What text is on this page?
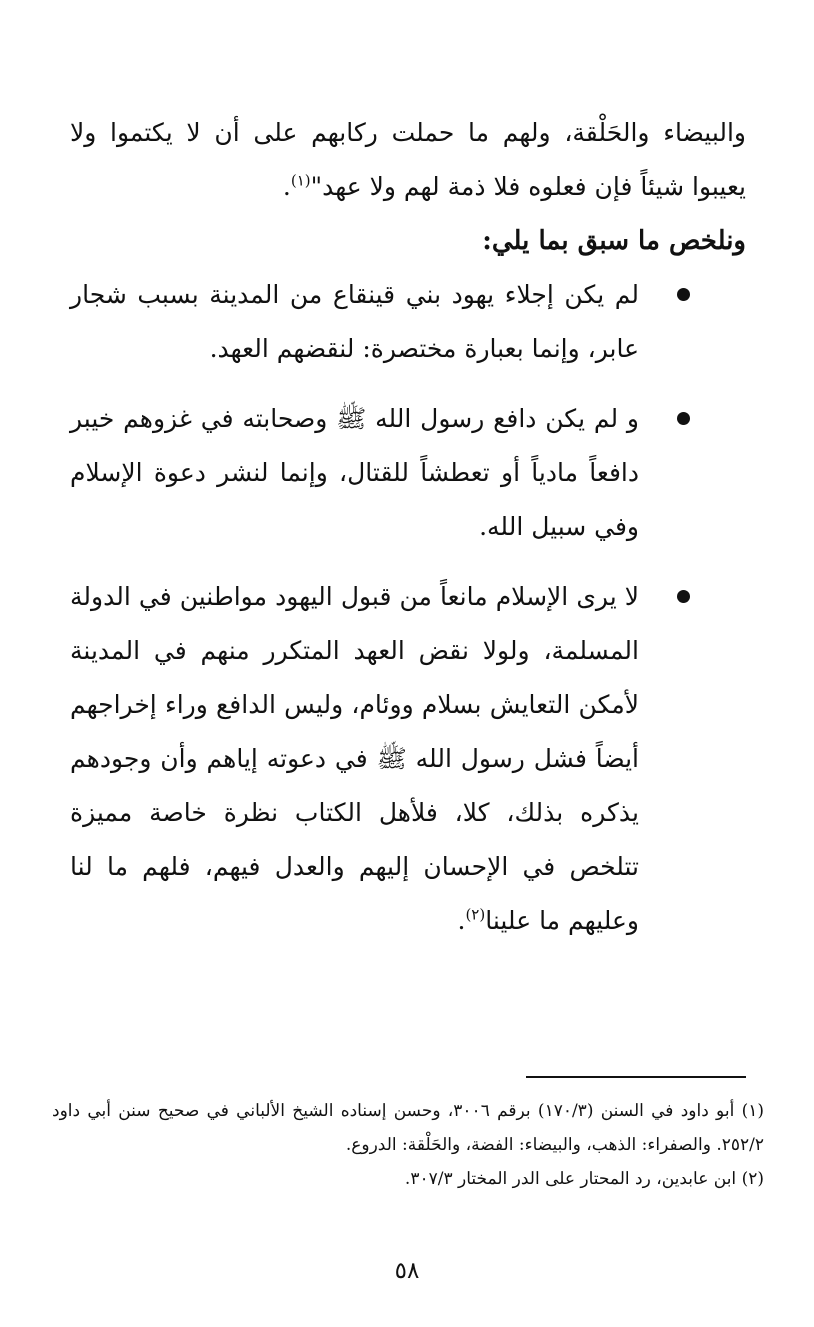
والبيضاء والحَلْقة، ولهم ما حملت ركابهم على أن لا يكتموا ولا يعيبوا شيئاً فإن فعلوه فلا ذمة لهم ولا عهد"$^{(١)}$.

ونلخص ما سبق بما يلي:

لم يكن إجلاء يهود بني قينقاع من المدينة بسبب شجار عابر، وإنما بعبارة مختصرة: لنقضهم العهد.
و لم يكن دافع رسول الله ﷺ وصحابته في غزوهم خيبر دافعاً مادياً أو تعطشاً للقتال، وإنما لنشر دعوة الإسلام وفي سبيل الله.
لا يرى الإسلام مانعاً من قبول اليهود مواطنين في الدولة المسلمة، ولولا نقض العهد المتكرر منهم في المدينة لأمكن التعايش بسلام ووئام، وليس الدافع وراء إخراجهم أيضاً فشل رسول الله ﷺ في دعوته إياهم وأن وجودهم يذكره بذلك، كلا، فلأهل الكتاب نظرة خاصة مميزة تتلخص في الإحسان إليهم والعدل فيهم، فلهم ما لنا وعليهم ما علينا$^{(٢)}$.

(١) أبو داود في السنن (١٧٠/٣) برقم ٣٠٠٦، وحسن إسناده الشيخ الألباني في صحيح سنن أبي داود ٢٥٢/٢. والصفراء: الذهب، والبيضاء: الفضة، والحَلْقة: الدروع.

(٢) ابن عابدين، رد المحتار على الدر المختار ٣٠٧/٣.

٥٨
